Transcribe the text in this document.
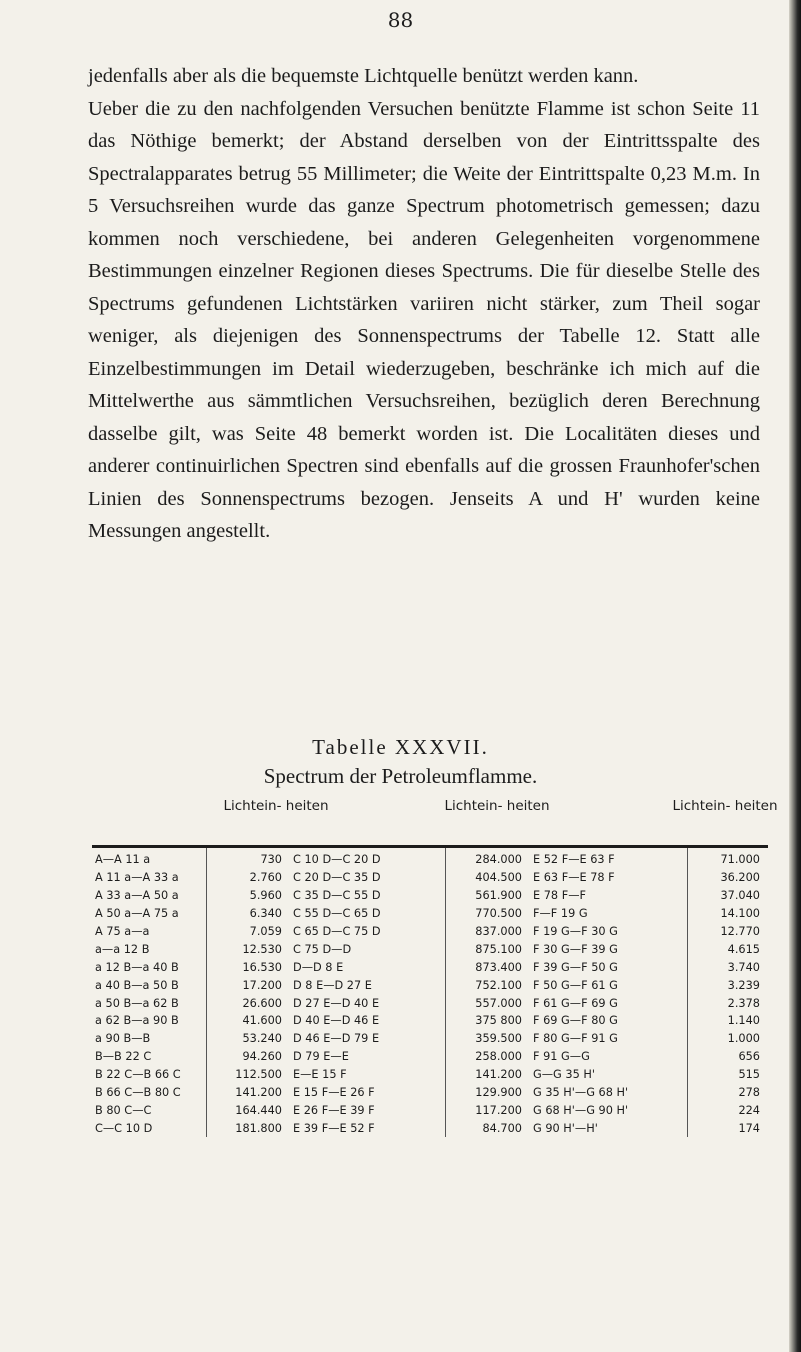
88

jedenfalls aber als die bequemste Lichtquelle benützt werden kann.

Ueber die zu den nachfolgenden Versuchen benützte Flamme ist schon Seite 11 das Nöthige bemerkt; der Abstand derselben von der Eintrittsspalte des Spectralapparates betrug 55 Millimeter; die Weite der Eintrittspalte 0,23 M.m. In 5 Versuchsreihen wurde das ganze Spectrum photometrisch gemessen; dazu kommen noch verschiedene, bei anderen Gelegenheiten vorgenommene Bestimmungen einzelner Regionen dieses Spectrums. Die für dieselbe Stelle des Spectrums gefundenen Lichtstärken variiren nicht stärker, zum Theil sogar weniger, als diejenigen des Sonnenspectrums der Tabelle 12. Statt alle Einzelbestimmungen im Detail wiederzugeben, beschränke ich mich auf die Mittelwerthe aus sämmtlichen Versuchsreihen, bezüglich deren Berechnung dasselbe gilt, was Seite 48 bemerkt worden ist. Die Localitäten dieses und anderer continuirlichen Spectren sind ebenfalls auf die grossen Fraunhofer'schen Linien des Sonnenspectrums bezogen. Jenseits A und H' wurden keine Messungen angestellt.

Tabelle XXXVII.
Spectrum der Petroleumflamme.
Lichtein- heiten	Lichtein- heiten	Lichtein- heiten
A—A 11 a	730	C 10 D—C 20 D	284.000	E 52 F—E 63 F	71.000
A 11 a—A 33 a	2.760	C 20 D—C 35 D	404.500	E 63 F—E 78 F	36.200
A 33 a—A 50 a	5.960	C 35 D—C 55 D	561.900	E 78 F—F	37.040
A 50 a—A 75 a	6.340	C 55 D—C 65 D	770.500	F—F 19 G	14.100
A 75 a—a	7.059	C 65 D—C 75 D	837.000	F 19 G—F 30 G	12.770
a—a 12 B	12.530	C 75 D—D	875.100	F 30 G—F 39 G	4.615
a 12 B—a 40 B	16.530	D—D 8 E	873.400	F 39 G—F 50 G	3.740
a 40 B—a 50 B	17.200	D 8 E—D 27 E	752.100	F 50 G—F 61 G	3.239
a 50 B—a 62 B	26.600	D 27 E—D 40 E	557.000	F 61 G—F 69 G	2.378
a 62 B—a 90 B	41.600	D 40 E—D 46 E	375 800	F 69 G—F 80 G	1.140
a 90 B—B	53.240	D 46 E—D 79 E	359.500	F 80 G—F 91 G	1.000
B—B 22 C	94.260	D 79 E—E	258.000	F 91 G—G	656
B 22 C—B 66 C	112.500	E—E 15 F	141.200	G—G 35 H'	515
B 66 C—B 80 C	141.200	E 15 F—E 26 F	129.900	G 35 H'—G 68 H'	278
B 80 C—C	164.440	E 26 F—E 39 F	117.200	G 68 H'—G 90 H'	224
C—C 10 D	181.800	E 39 F—E 52 F	84.700	G 90 H'—H'	174
